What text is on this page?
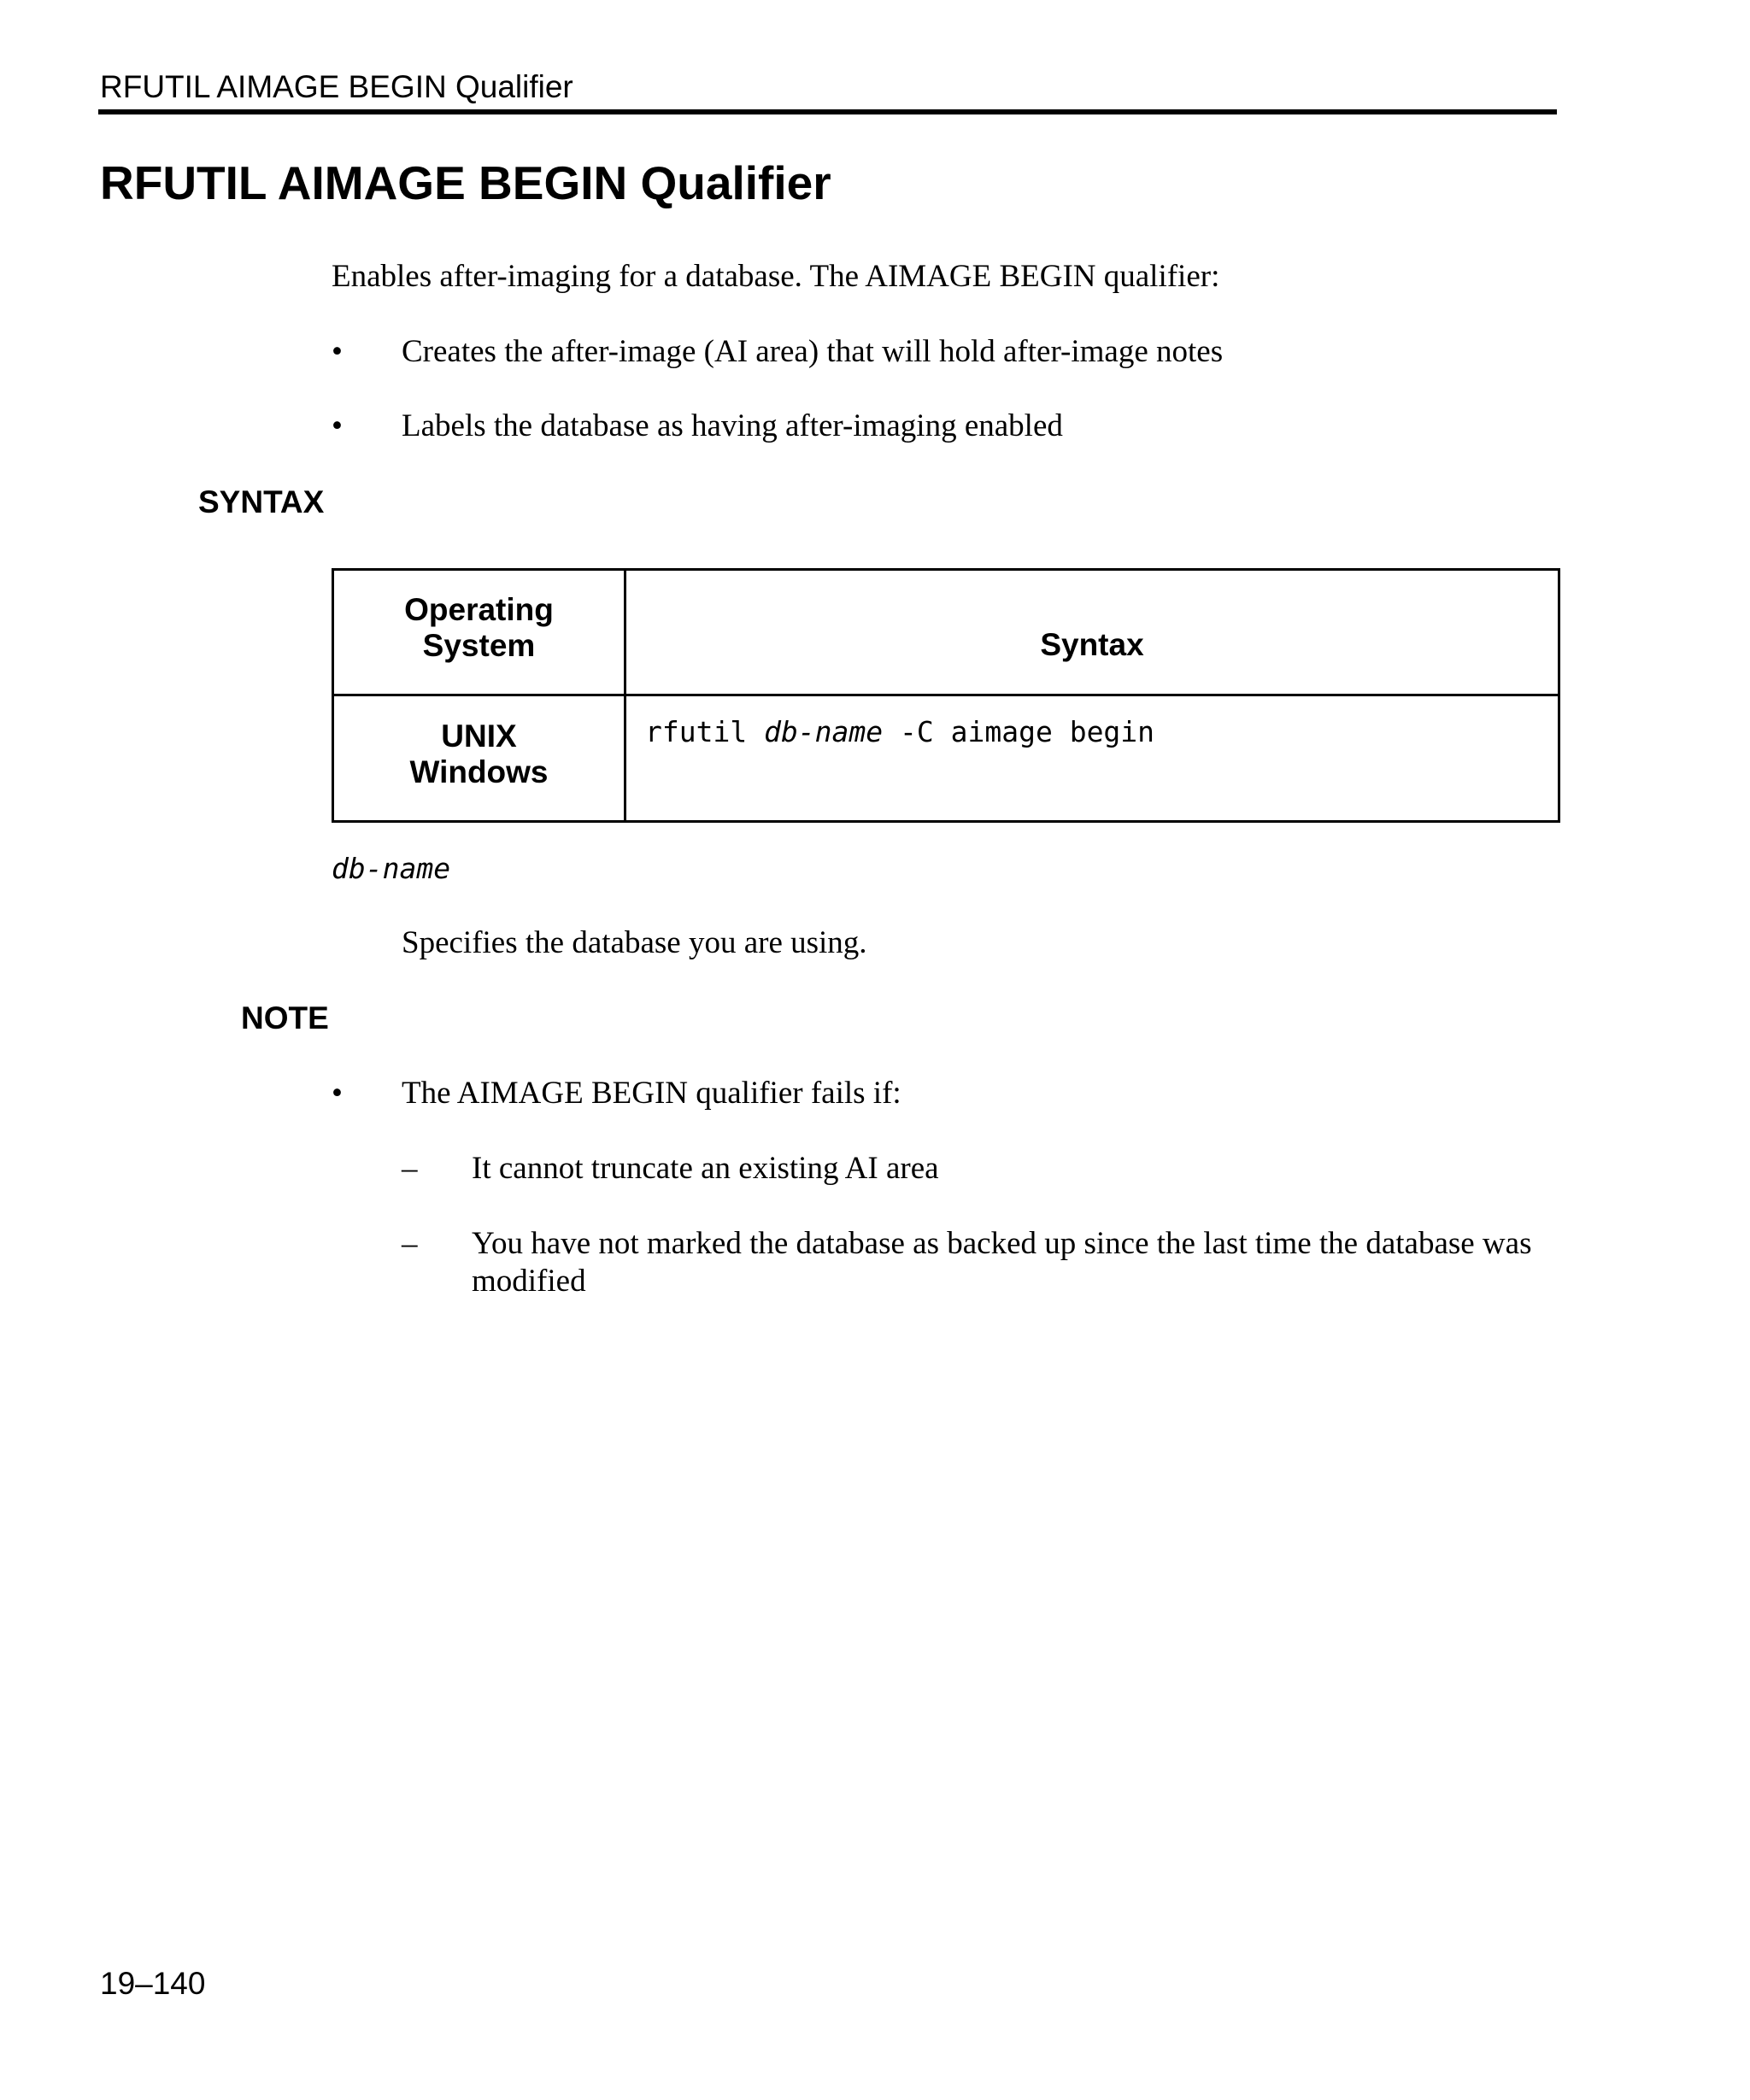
RFUTIL AIMAGE BEGIN Qualifier
RFUTIL AIMAGE BEGIN Qualifier
Enables after-imaging for a database. The AIMAGE BEGIN qualifier:
• Creates the after-image (AI area) that will hold after-image notes
• Labels the database as having after-imaging enabled
SYNTAX
Operating
System	Syntax

UNIX
Windows	rfutil db-name -C aimage begin
db-name
Specifies the database you are using.
NOTE
• The AIMAGE BEGIN qualifier fails if:
– It cannot truncate an existing AI area
– You have not marked the database as backed up since the last time the database was modified
19–140
